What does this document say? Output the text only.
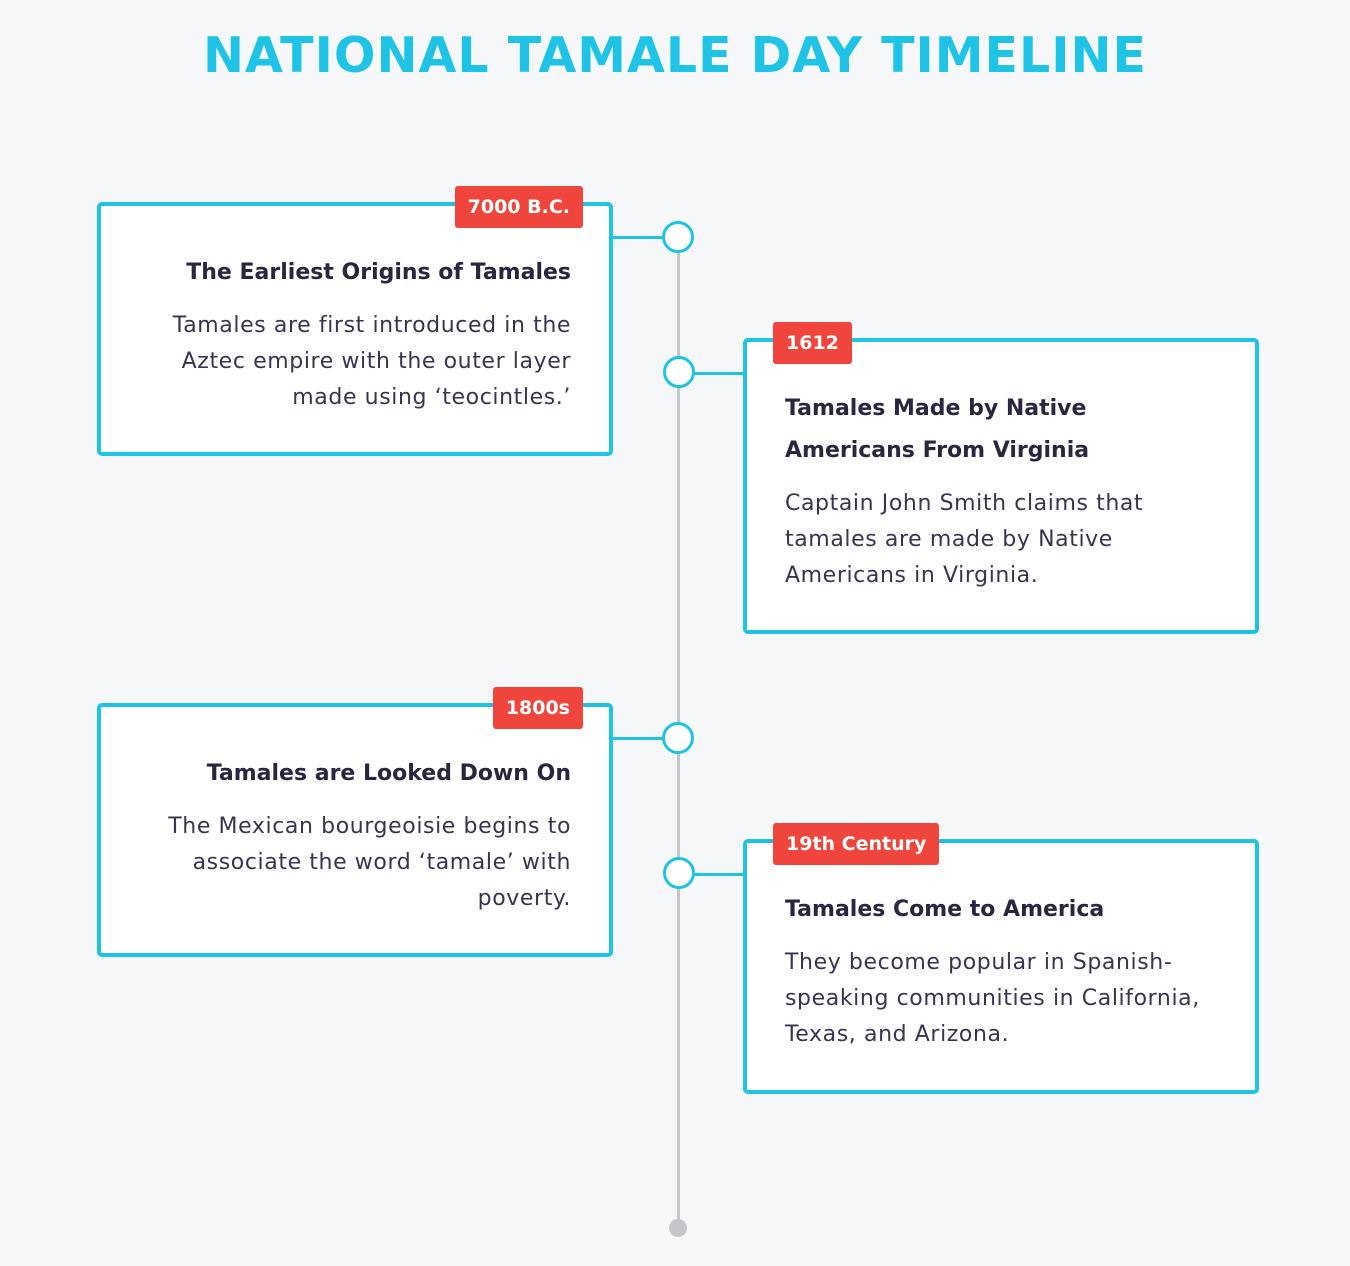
NATIONAL TAMALE DAY TIMELINE
7000 B.C.
The Earliest Origins of Tamales

Tamales are first introduced in the Aztec empire with the outer layer made using ‘teocintles.’

1612
Tamales Made by Native Americans From Virginia

Captain John Smith claims that tamales are made by Native Americans in Virginia.

1800s
Tamales are Looked Down On

The Mexican bourgeoisie begins to associate the word ‘tamale’ with poverty.

19th Century
Tamales Come to America

They become popular in Spanish-speaking communities in California, Texas, and Arizona.
